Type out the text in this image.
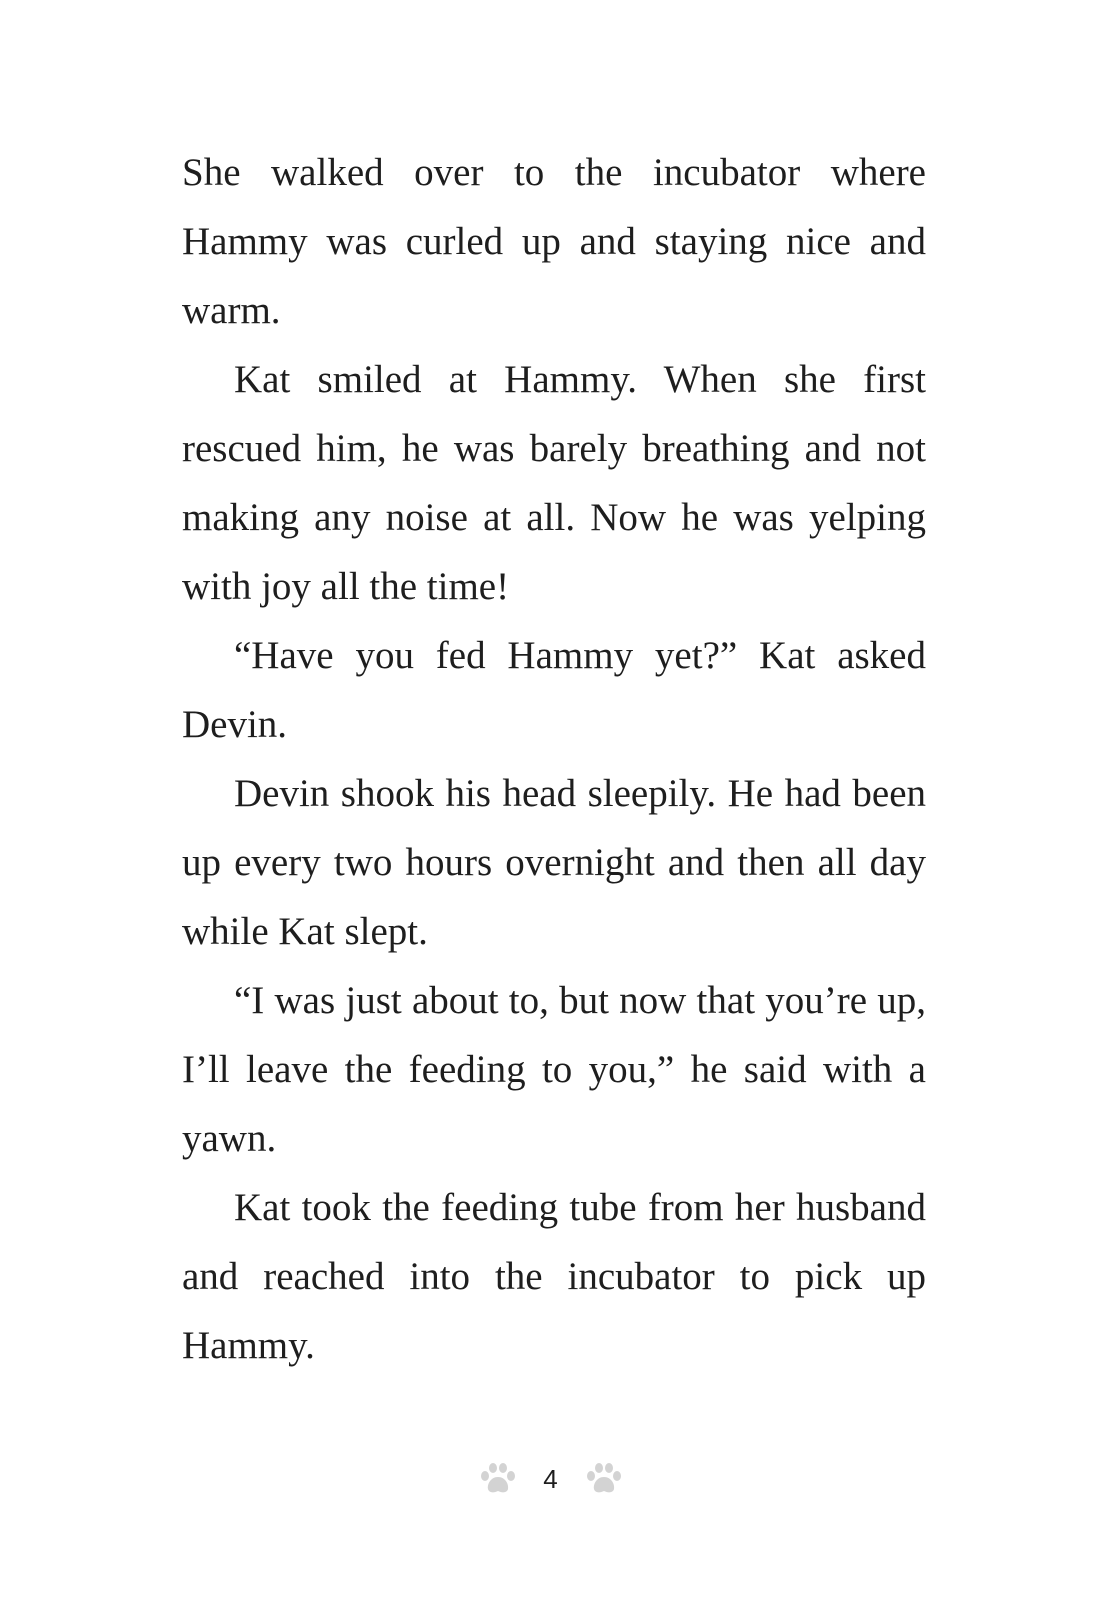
She walked over to the incubator where Hammy was curled up and staying nice and warm.

Kat smiled at Hammy. When she first rescued him, he was barely breathing and not making any noise at all. Now he was yelping with joy all the time!

“Have you fed Hammy yet?” Kat asked Devin.

Devin shook his head sleepily. He had been up every two hours overnight and then all day while Kat slept.

“I was just about to, but now that you’re up, I’ll leave the feeding to you,” he said with a yawn.

Kat took the feeding tube from her husband and reached into the incubator to pick up Hammy.

4
